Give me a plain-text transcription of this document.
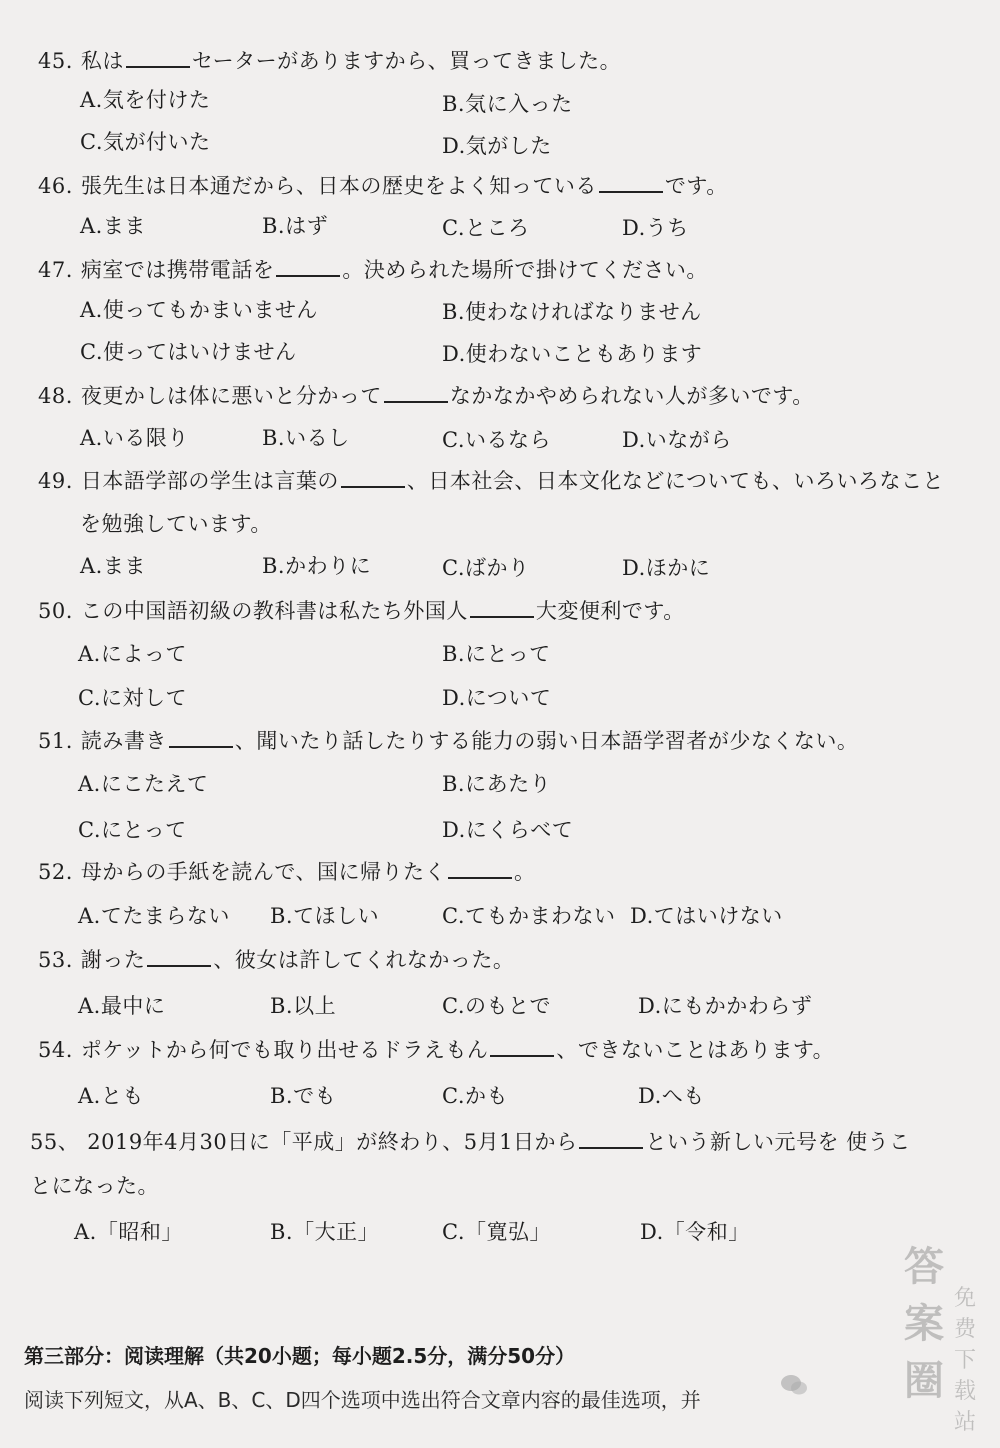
45. 私は	セーターがありますから、買ってきました。
A.気を付けた	B.気に入った
C.気が付いた	D.気がした
46. 張先生は日本通だから、日本の歴史をよく知っている	です。
A.まま	B.はず	C.ところ	D.うち
47. 病室では携帯電話を	。決められた場所で掛けてください。
A.使ってもかまいません	B.使わなければなりません
C.使ってはいけません	D.使わないこともあります
48. 夜更かしは体に悪いと分かって	なかなかやめられない人が多いです。
A.いる限り	B.いるし	C.いるなら	D.いながら
49. 日本語学部の学生は言葉の	、日本社会、日本文化などについても、いろいろなこと
を勉強しています。
A.まま	B.かわりに	C.ばかり	D.ほかに
50. この中国語初級の教科書は私たち外国人	大変便利です。
A.によって	B.にとって
C.に対して	D.について
51. 読み書き	、聞いたり話したりする能力の弱い日本語学習者が少なくない。
A.にこたえて	B.にあたり
C.にとって	D.にくらべて
52. 母からの手紙を読んで、国に帰りたく	。
A.てたまらない B.てほしい	C.てもかまわない D.てはいけない
53. 謝った	、彼女は許してくれなかった。
A.最中に	B.以上	C.のもとで	D.にもかかわらず
54. ポケットから何でも取り出せるドラえもん	、できないことはあります。
A.とも	B.でも	C.かも	D.へも
55、 2019年4月30日に「平成」が終わり、5月1日から	という新しい元号を 使うこ
とになった。
A.「昭和」	B.「大正」	C.「寛弘」	D.「令和」
第三部分：阅读理解（共20小题；每小题2.5分，满分50分）
阅读下列短文，从A、B、C、D四个选项中选出符合文章内容的最佳选项，并
答案圈
免费下载站
